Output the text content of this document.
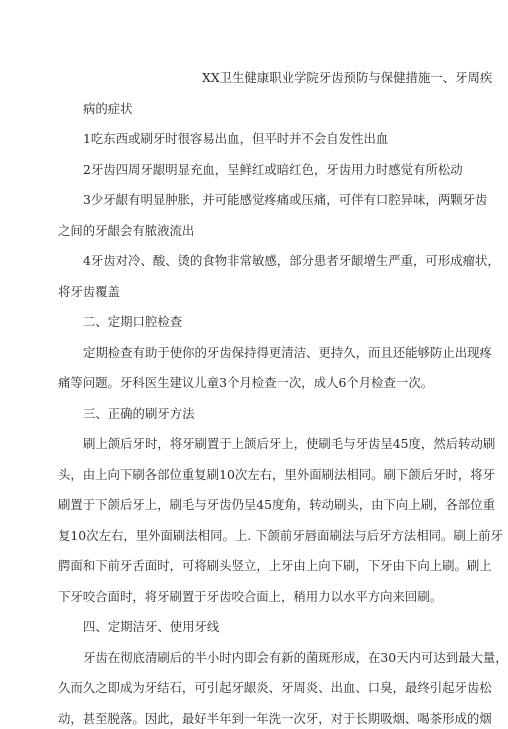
XX卫生健康职业学院牙齿预防与保健措施一、牙周疾

病的症状

1吃东西或刷牙时很容易出血，但平时并不会自发性出血

2牙齿四周牙龈明显充血，呈鲜红或暗红色，牙齿用力时感觉有所松动

3少牙龈有明显肿胀，并可能感觉疼痛或压痛，可伴有口腔异味，两颗牙齿

之间的牙龈会有脓液流出

4牙齿对冷、酸、烫的食物非常敏感，部分患者牙龈增生严重，可形成瘤状，

将牙齿覆盖

二、定期口腔检查

定期检查有助于使你的牙齿保持得更清洁、更持久，而且还能够防止出现疼

痛等问题。牙科医生建议儿童3个月检查一次，成人6个月检查一次。

三、正确的刷牙方法

刷上颌后牙时，将牙刷置于上颌后牙上，使刷毛与牙齿呈45度，然后转动刷

头，由上向下刷各部位重复刷10次左右，里外面刷法相同。刷下颌后牙时，将牙

刷置于下颌后牙上，刷毛与牙齿仍呈45度角，转动刷头，由下向上刷，各部位重

复10次左右，里外面刷法相同。上. 下颌前牙唇面刷法与后牙方法相同。刷上前牙

腭面和下前牙舌面时，可将刷头竖立，上牙由上向下刷，下牙由下向上刷。刷上

下牙咬合面时，将牙刷置于牙齿咬合面上，稍用力以水平方向来回刷。

四、定期洁牙、使用牙线

牙齿在彻底清刷后的半小时内即会有新的菌斑形成，在30天内可达到最大量，

久而久之即成为牙结石，可引起牙龈炎、牙周炎、出血、口臭，最终引起牙齿松

动，甚至脱落。因此，最好半年到一年洗一次牙，对于长期吸烟、喝茶形成的烟
